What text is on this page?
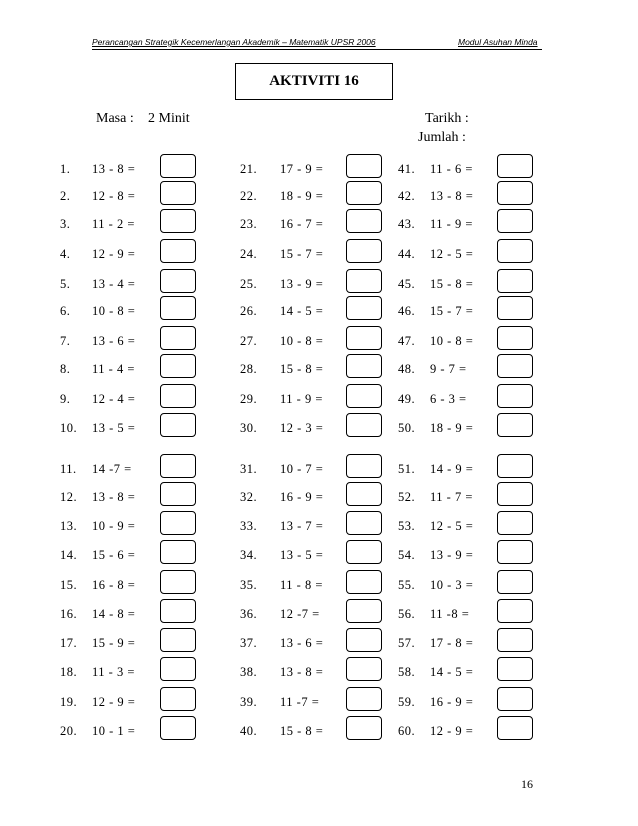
Perancangan Strategik Kecemerlangan Akademik – Matematik UPSR 2006	Modul Asuhan Minda
AKTIVITI 16
Masa : 2 Minit	Tarikh :
Jumlah :
1. 13 - 8 =
2. 12 - 8 =
3. 11 - 2 =
4. 12 - 9 =
5. 13 - 4 =
6. 10 - 8 =
7. 13 - 6 =
8. 11 - 4 =
9. 12 - 4 =
10. 13 - 5 =
11. 14 -7 =
12. 13 - 8 =
13. 10 - 9 =
14. 15 - 6 =
15. 16 - 8 =
16. 14 - 8 =
17. 15 - 9 =
18. 11 - 3 =
19. 12 - 9 =
20. 10 - 1 =
21. 17 - 9 =
22. 18 - 9 =
23. 16 - 7 =
24. 15 - 7 =
25. 13 - 9 =
26. 14 - 5 =
27. 10 - 8 =
28. 15 - 8 =
29. 11 - 9 =
30. 12 - 3 =
31. 10 - 7 =
32. 16 - 9 =
33. 13 - 7 =
34. 13 - 5 =
35. 11 - 8 =
36. 12 -7 =
37. 13 - 6 =
38. 13 - 8 =
39. 11 -7 =
40. 15 - 8 =
41. 11 - 6 =
42. 13 - 8 =
43. 11 - 9 =
44. 12 - 5 =
45. 15 - 8 =
46. 15 - 7 =
47. 10 - 8 =
48. 9 - 7 =
49. 6 - 3 =
50. 18 - 9 =
51. 14 - 9 =
52. 11 - 7 =
53. 12 - 5 =
54. 13 - 9 =
55. 10 - 3 =
56. 11 -8 =
57. 17 - 8 =
58. 14 - 5 =
59. 16 - 9 =
60. 12 - 9 =
16
